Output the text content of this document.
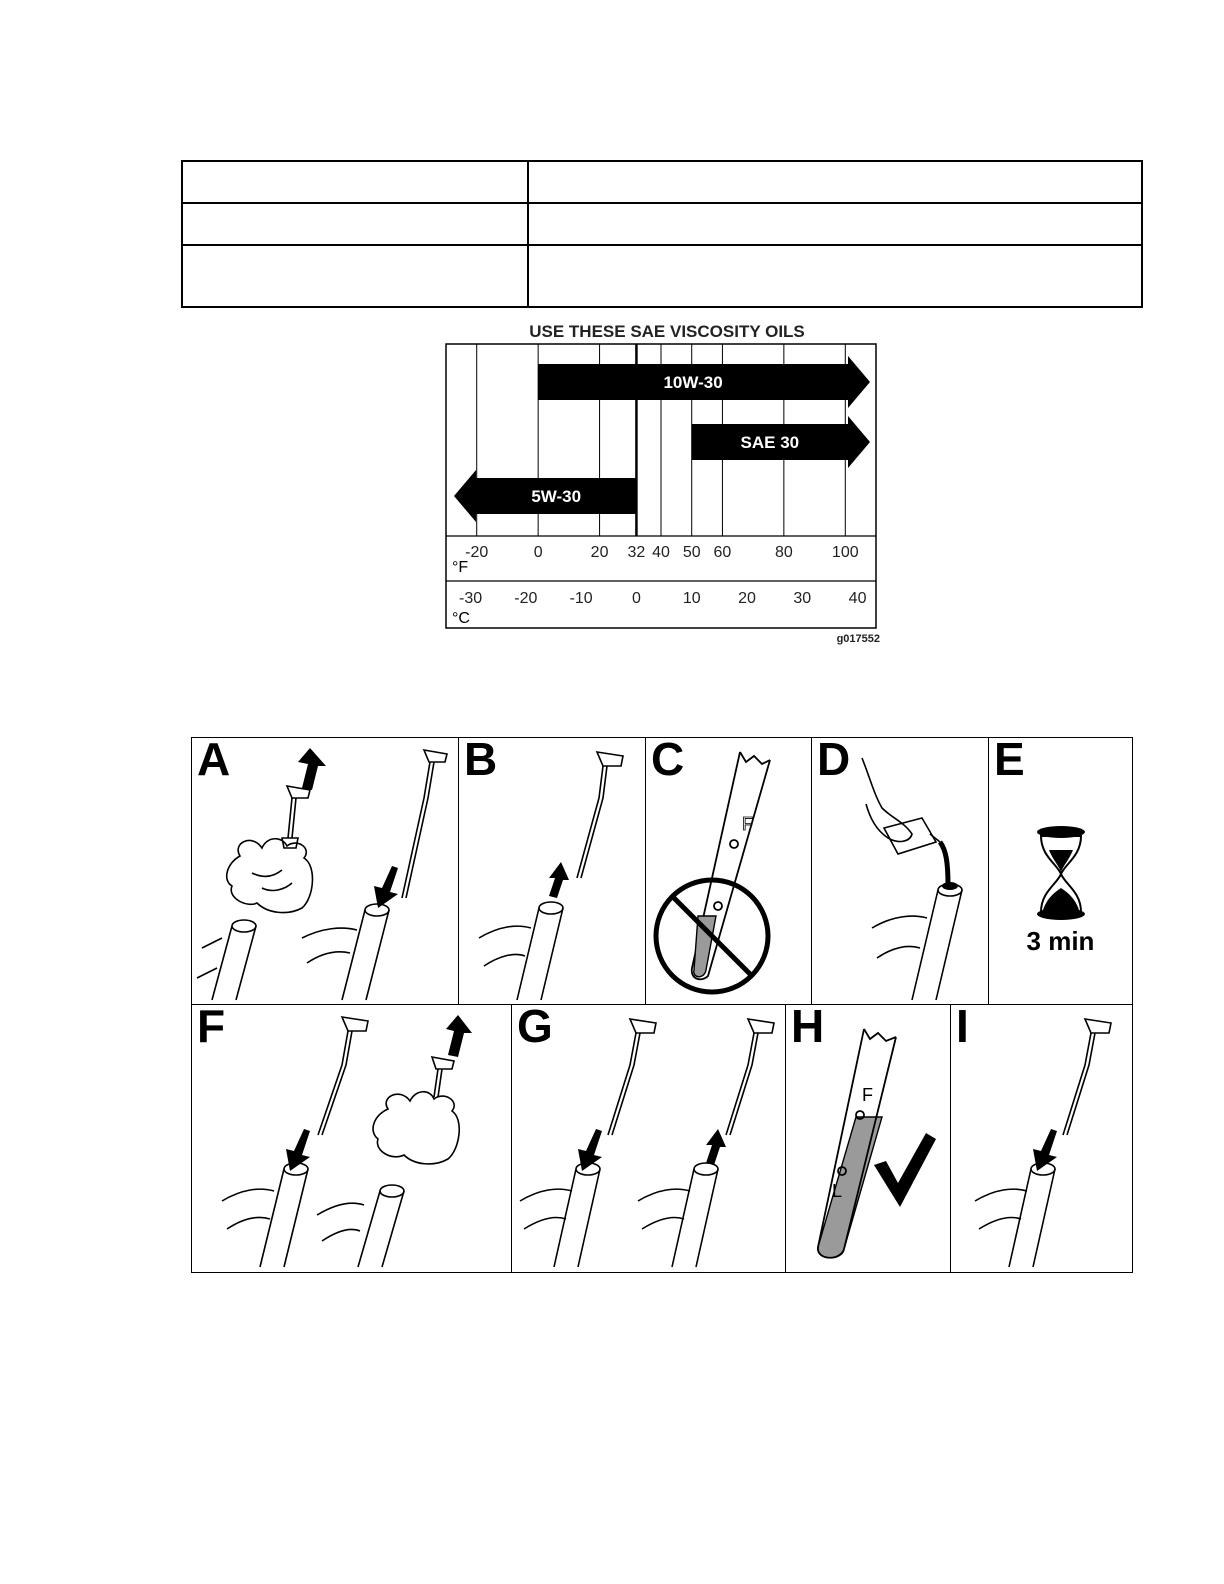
USE THESE SAE VISCOSITY OILS
10W-30
SAE 30
5W-30
°F
°C
-20	0	20 32 40 50 60	80 100
-30 -20 -10 0	10 20 30 40
g017552
A	B	C
F
D	E
3 min
F	G	H
F
L
I
